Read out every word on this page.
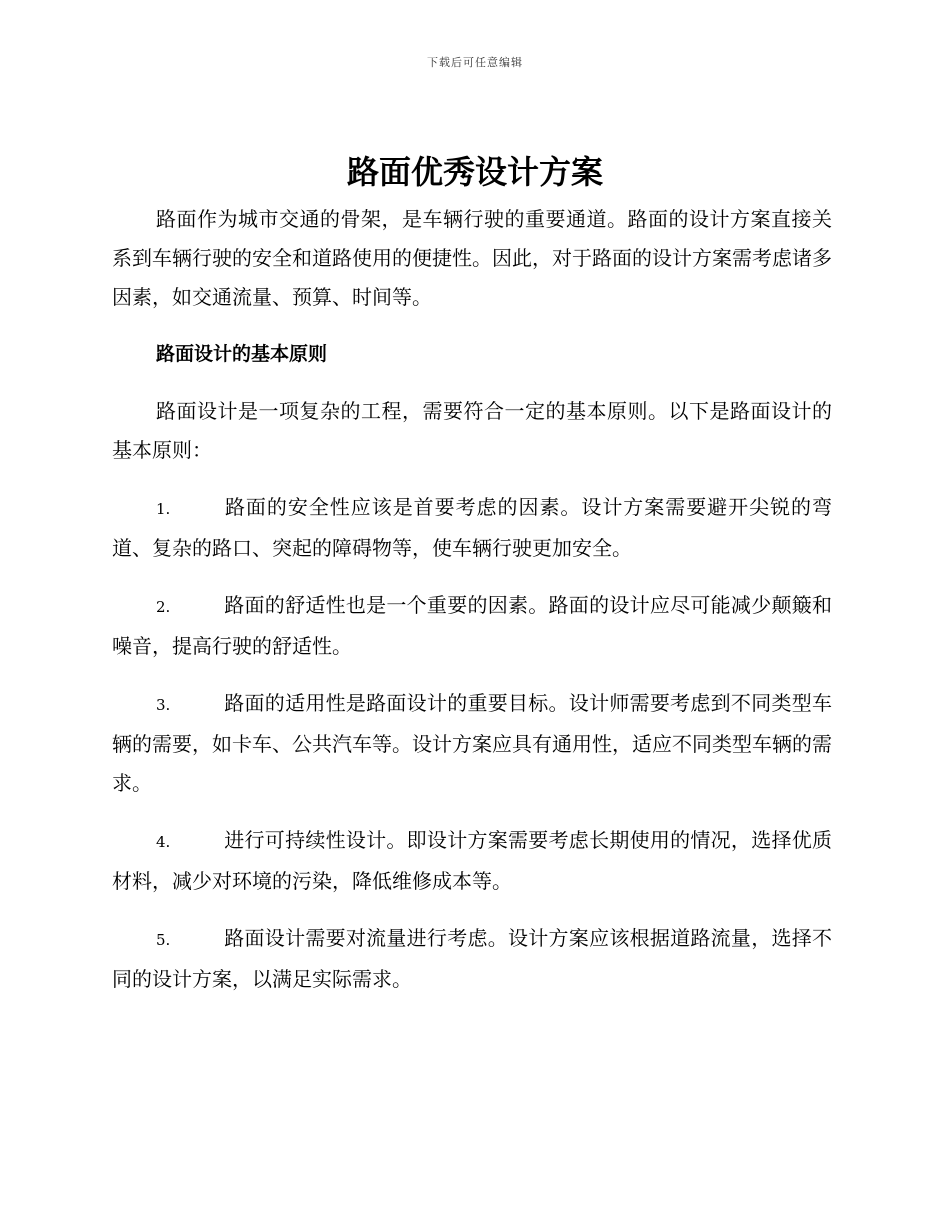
下载后可任意编辑
路面优秀设计方案

路面作为城市交通的骨架，是车辆行驶的重要通道。路面的设计方案直接关系到车辆行驶的安全和道路使用的便捷性。因此，对于路面的设计方案需考虑诸多因素，如交通流量、预算、时间等。

路面设计的基本原则

路面设计是一项复杂的工程，需要符合一定的基本原则。以下是路面设计的基本原则：

1.	路面的安全性应该是首要考虑的因素。设计方案需要避开尖锐的弯道、复杂的路口、突起的障碍物等，使车辆行驶更加安全。
2.	路面的舒适性也是一个重要的因素。路面的设计应尽可能减少颠簸和噪音，提高行驶的舒适性。
3.	路面的适用性是路面设计的重要目标。设计师需要考虑到不同类型车辆的需要，如卡车、公共汽车等。设计方案应具有通用性，适应不同类型车辆的需求。
4.	进行可持续性设计。即设计方案需要考虑长期使用的情况，选择优质材料，减少对环境的污染，降低维修成本等。
5.	路面设计需要对流量进行考虑。设计方案应该根据道路流量，选择不同的设计方案，以满足实际需求。
